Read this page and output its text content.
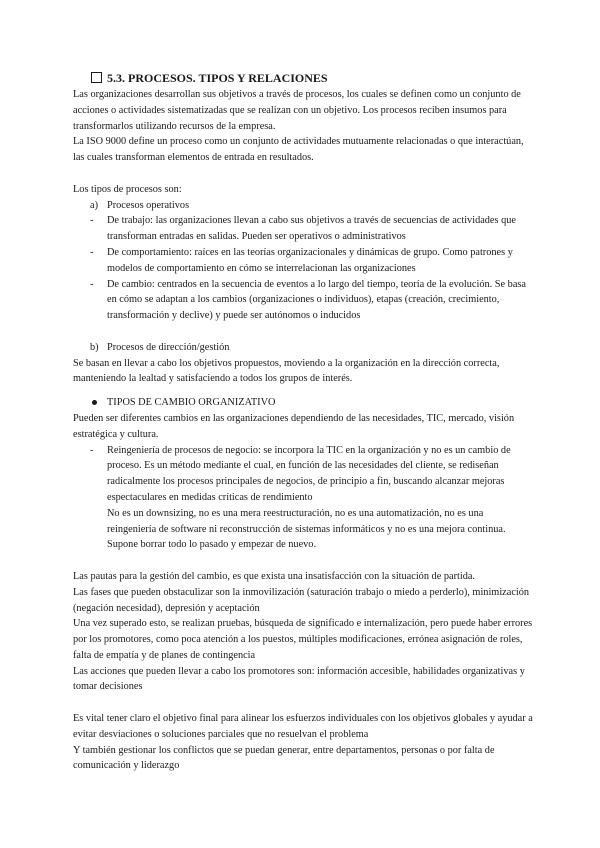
5.3. PROCESOS. TIPOS Y RELACIONES

Las organizaciones desarrollan sus objetivos a través de procesos, los cuales se definen como un conjunto de acciones o actividades sistematizadas que se realizan con un objetivo. Los procesos reciben insumos para transformarlos utilizando recursos de la empresa.

La ISO 9000 define un proceso como un conjunto de actividades mutuamente relacionadas o que interactúan, las cuales transforman elementos de entrada en resultados.

Los tipos de procesos son:

a) Procesos operativos
- De trabajo: las organizaciones llevan a cabo sus objetivos a través de secuencias de actividades que transforman entradas en salidas. Pueden ser operativos o administrativos
- De comportamiento: raíces en las teorías organizacionales y dinámicas de grupo. Como patrones y modelos de comportamiento en cómo se interrelacionan las organizaciones
- De cambio: centrados en la secuencia de eventos a lo largo del tiempo, teoría de la evolución. Se basa en cómo se adaptan a los cambios (organizaciones o individuos), etapas (creación, crecimiento, transformación y declive) y puede ser autónomos o inducidos
b) Procesos de dirección/gestión

Se basan en llevar a cabo los objetivos propuestos, moviendo a la organización en la dirección correcta, manteniendo la lealtad y satisfaciendo a todos los grupos de interés.

TIPOS DE CAMBIO ORGANIZATIVO

Pueden ser diferentes cambios en las organizaciones dependiendo de las necesidades, TIC, mercado, visión estratégica y cultura.

- Reingeniería de procesos de negocio: se incorpora la TIC en la organización y no es un cambio de proceso. Es un método mediante el cual, en función de las necesidades del cliente, se rediseñan radicalmente los procesos principales de negocios, de principio a fin, buscando alcanzar mejoras espectaculares en medidas críticas de rendimiento

No es un downsizing, no es una mera reestructuración, no es una automatización, no es una reingeniería de software ni reconstrucción de sistemas informáticos y no es una mejora continua. Supone borrar todo lo pasado y empezar de nuevo.

Las pautas para la gestión del cambio, es que exista una insatisfacción con la situación de partida.

Las fases que pueden obstaculizar son la inmovilización (saturación trabajo o miedo a perderlo), minimización (negación necesidad), depresión y aceptación

Una vez superado esto, se realizan pruebas, búsqueda de significado e internalización, pero puede haber errores por los promotores, como poca atención a los puestos, múltiples modificaciones, errónea asignación de roles, falta de empatía y de planes de contingencia

Las acciones que pueden llevar a cabo los promotores son: información accesible, habilidades organizativas y tomar decisiones

Es vital tener claro el objetivo final para alinear los esfuerzos individuales con los objetivos globales y ayudar a evitar desviaciones o soluciones parciales que no resuelvan el problema

Y también gestionar los conflictos que se puedan generar, entre departamentos, personas o por falta de comunicación y liderazgo
